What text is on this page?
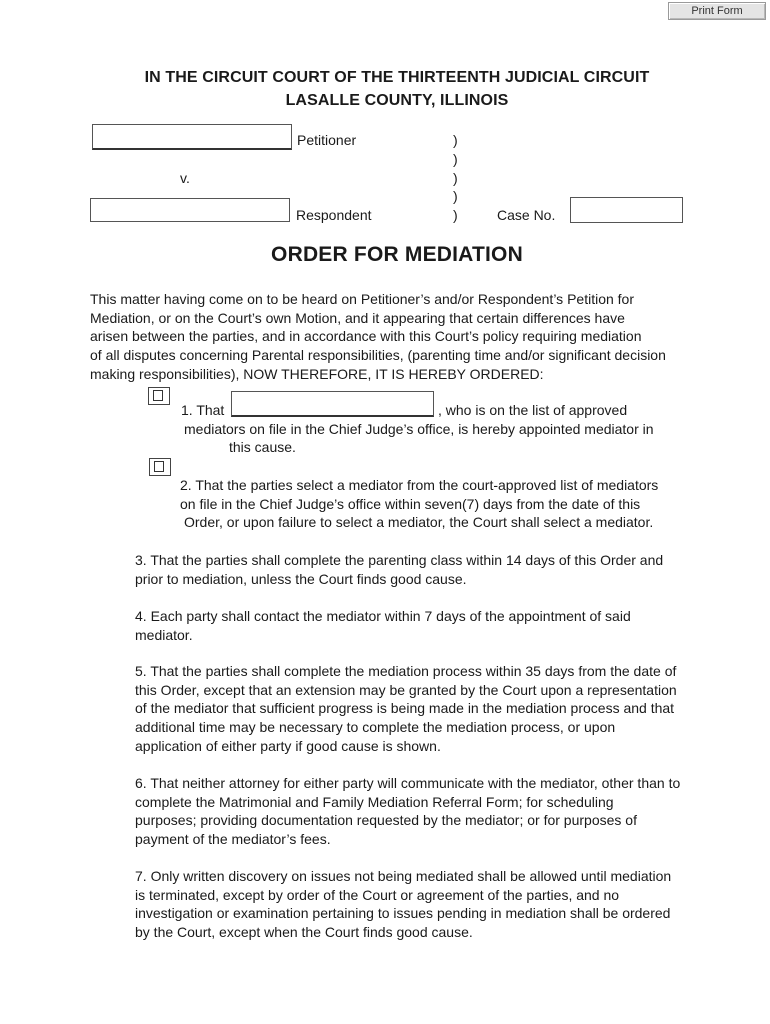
Print Form
IN THE CIRCUIT COURT OF THE THIRTEENTH JUDICIAL CIRCUIT
LASALLE COUNTY, ILLINOIS
Petitioner
v.
Respondent
)
)
)
)
)	Case No.
ORDER FOR MEDIATION
This matter having come on to be heard on Petitioner’s and/or Respondent’s Petition for
Mediation, or on the Court’s own Motion, and it appearing that certain differences have
arisen between the parties, and in accordance with this Court’s policy requiring mediation
of all disputes concerning Parental responsibilities, (parenting time and/or significant decision
making responsibilities), NOW THEREFORE, IT IS HEREBY ORDERED:
1. That	, who is on the list of approved
mediators on file in the Chief Judge’s office, is hereby appointed mediator in
this cause.
2. That the parties select a mediator from the court-approved list of mediators
on file in the Chief Judge’s office within seven(7) days from the date of this
Order, or upon failure to select a mediator, the Court shall select a mediator.
3. That the parties shall complete the parenting class within 14 days of this Order and
prior to mediation, unless the Court finds good cause.
4. Each party shall contact the mediator within 7 days of the appointment of said
mediator.
5. That the parties shall complete the mediation process within 35 days from the date of
this Order, except that an extension may be granted by the Court upon a representation
of the mediator that sufficient progress is being made in the mediation process and that
additional time may be necessary to complete the mediation process, or upon
application of either party if good cause is shown.
6. That neither attorney for either party will communicate with the mediator, other than to
complete the Matrimonial and Family Mediation Referral Form; for scheduling
purposes; providing documentation requested by the mediator; or for purposes of
payment of the mediator’s fees.
7. Only written discovery on issues not being mediated shall be allowed until mediation
is terminated, except by order of the Court or agreement of the parties, and no
investigation or examination pertaining to issues pending in mediation shall be ordered
by the Court, except when the Court finds good cause.
